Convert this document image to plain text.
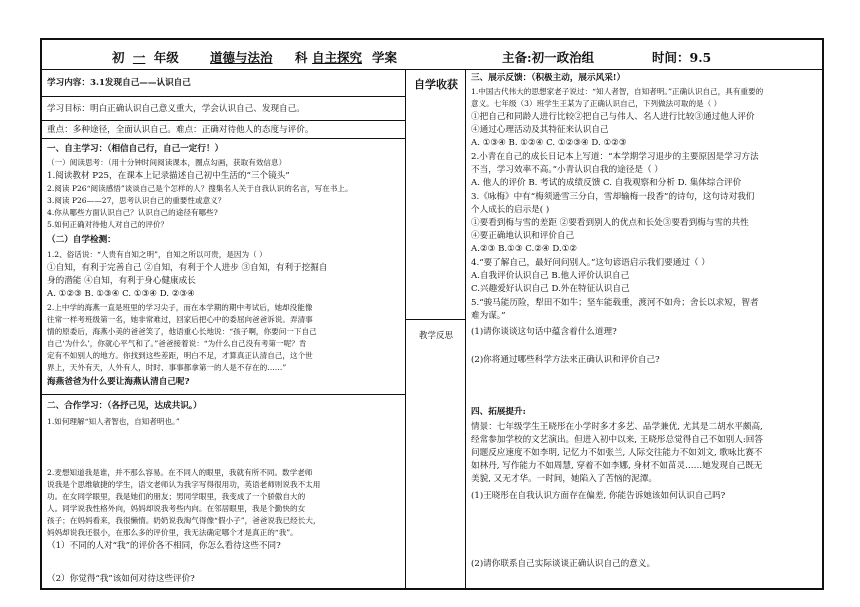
初 一 年级 道德与法治 科 自主探究 学案	主备:初一政治组	时间：9.5
学习内容：3.1发现自己——认识自己
学习目标：明白正确认识自己意义重大，学会认识自己、发现自己。
重点：多种途径，全面认识自己。难点：正确对待他人的态度与评价。
一、自主学习：（相信自己行，自己一定行！）
（一）阅读思考：（用十分钟时间阅读课本，圈点勾画，获取有效信息）
1.阅读教材 P25，在课本上记录描述自己初中生活的“三个镜头”
2.阅读 P26“阅读感悟”谈谈自己是个怎样的人？搜集名人关于自我认识的名言，写在书上。
3.阅读 P26——27，思考认识自己的重要性或意义？
4.你从哪些方面认识自己？认识自己的途径有哪些?
5.如何正确对待他人对自己的评价？
（二）自学检测：
1.2、俗话说：“人贵有自知之明”，自知之所以可贵，是因为（ ）
①自知，有利于完善自己 ②自知，有利于个人进步 ③自知，有利于挖掘自
身的潜能 ④自知，有利于身心健康成长
A. ①②③ B. ①③④ C. ①③④ D. ②③④
2.上中学的海燕一直是班里的学习尖子，而在本学期的期中考试后，她却没能像
往常一样考班级第一名，她非常难过，回家后把心中的委屈向爸爸诉说。弄清事
情的原委后，海燕小美的爸爸笑了，他语重心长地说：“孩子啊，你要问一下自己
自己‘为什么’，你就心平气和了。”爸爸接着说：“为什么自己没有考第一呢？肯
定有不如别人的地方。你找到这些差距，明白不足，才算真正认清自己，这个世
界上，天外有天，人外有人，时时、事事都拿第一的人是不存在的……”
海燕爸爸为什么要让海燕认清自己呢?
二、合作学习：（各抒己见，达成共识。）
1.如何理解“知人者智也，自知者明也。”
2.麦想知道我是谁，并不那么容易。在不同人的眼里，我就有所不同。数学老师
说我是个思维敏捷的学生，语文老师认为我字写得很用功，英语老师则说我不太用
功。在女同学眼里，我是她们的朋友；男同学眼里，我变成了一个骄傲自大的
人。同学说我性格外向，妈妈却说我考些内向。在邻居眼里，我是个勤快的女
孩子；在妈妈看来，我很懒惰。奶奶说我淘气得像“假小子”，爸爸说我已经长大，
妈妈却说我还很小，在那么多的评价里，我无法确定哪个才是真正的“我”。
（1）不同的人对“我”的评价各不相同，你怎么看待这些不同?
（2）你觉得“我”该如何对待这些评价?
自学收获
教学反思
三、展示反馈：（积极主动，展示风采!）
1.中国古代伟大的思想家老子说过：“知人者智，自知者明。”正确认识自己，具有重要的
意义。七年级（3）班学生王某为了正确认识自己，下列做法可取的是（ ）
①把自己和同龄人进行比较②把自己与伟人、名人进行比较③通过他人评价
④通过心理活动及其特征来认识自己
A. ①③④ B. ①②④ C. ①②③④ D. ①②③
2.小青在自己的成长日记本上写道：“本学期学习退步的主要原因是学习方法
不当，学习效率不高。”小青认识自我的途径是（ ）
A. 他人的评价 B. 考试的成绩反馈 C. 自我观察和分析 D. 集体综合评价
3.《咏梅》中有“梅须逊雪三分白，雪却输梅一段香”的诗句，这句诗对我们
个人成长的启示是( )
①要看到梅与雪的差距 ②要看到别人的优点和长处③要看到梅与雪的共性
④要正确地认识和评价自己
A.②③ B.①③ C.②④ D.①②
4.“要了解自己，最好问问别人。”这句谚语启示我们要通过（ ）
A.自我评价认识自己 B.他人评价认识自己
C.兴趣爱好认识自己 D.外在特征认识自己
5.“骏马能历险，犁田不如牛；坚车能载重，渡河不如舟；舍长以求短，智者
难为谋。”
(1)请你谈谈这句话中蕴含着什么道理?
(2)你将通过哪些科学方法来正确认识和评价自己?
四、拓展提升:
情景：七年级学生王晓彤在小学时多才多艺、品学兼优, 尤其是二胡水平颇高,
经常参加学校的文艺演出。但进入初中以来, 王晓彤总觉得自己不如别人:回答
问题反应速度不如李明, 记忆力不如张兰, 人际交往能力不如刘文, 歌咏比赛不
如林丹, 写作能力不如周慧, 穿着不如李娜, 身材不如苗灵……她发现自己既无
美貌, 又无才华。一时间，她陷入了苦恼的泥潭。
(1)王晓彤在自我认识方面存在偏差, 你能告诉她该如何认识自己吗?
(2)请你联系自己实际谈谈正确认识自己的意义。
